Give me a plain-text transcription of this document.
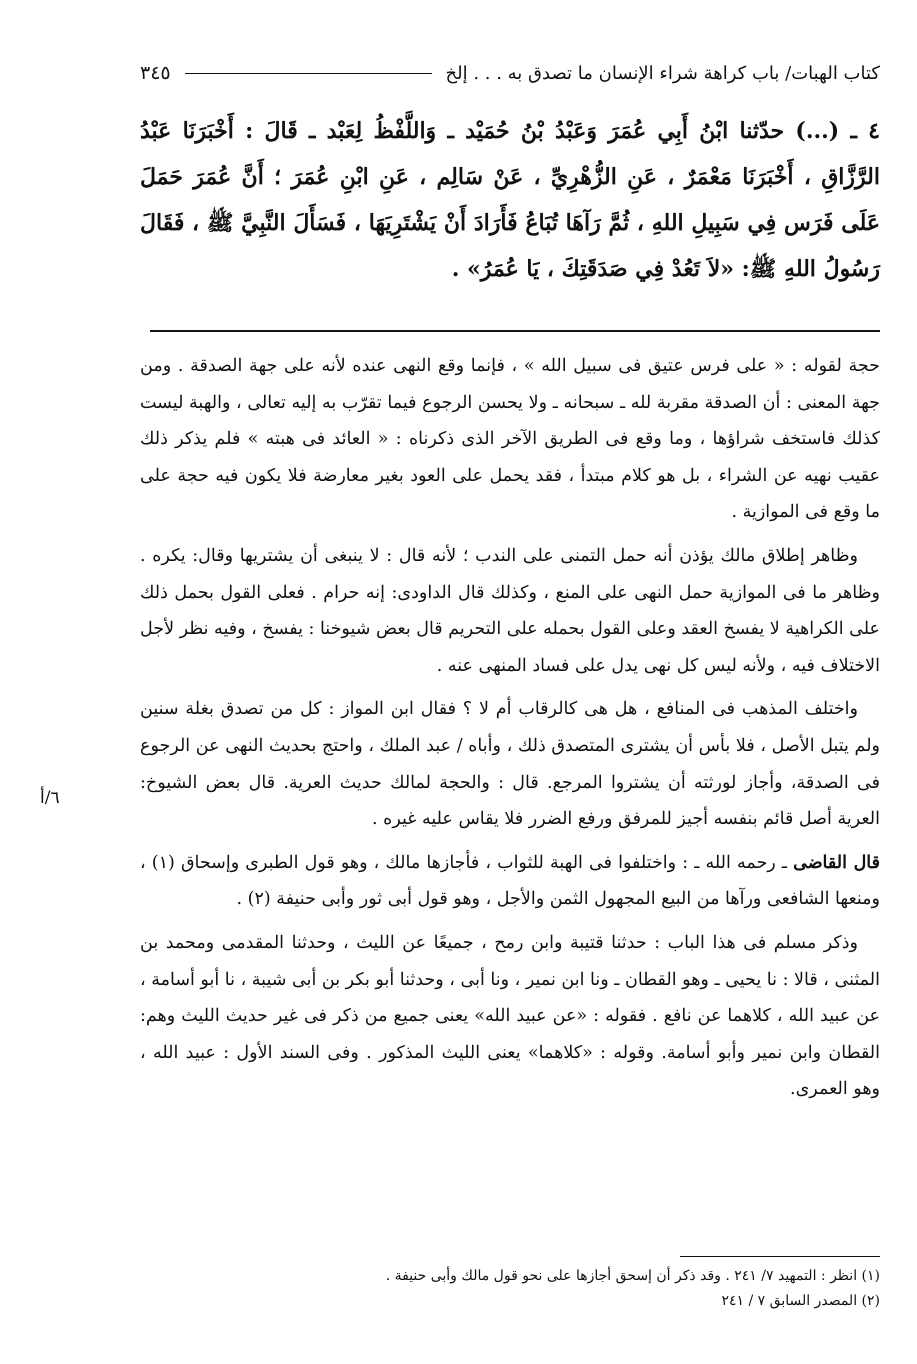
كتاب الهبات/ باب كراهة شراء الإنسان ما تصدق به . . . إلخ
٣٤٥
٤ ـ (...) حدّثنا ابْنُ أَبِي عُمَرَ وَعَبْدُ بْنُ حُمَيْد ـ وَاللَّفْظُ لِعَبْد ـ قَالَ : أَخْبَرَنَا عَبْدُ الرَّزَّاقِ ، أَخْبَرَنَا مَعْمَرٌ ، عَنِ الزُّهْرِيِّ ، عَنْ سَالِم ، عَنِ ابْنِ عُمَرَ ؛ أَنَّ عُمَرَ حَمَلَ عَلَى فَرَس فِي سَبِيلِ اللهِ ، ثُمَّ رَآهَا تُبَاعُ فَأَرَادَ أَنْ يَشْتَرِيَهَا ، فَسَأَلَ النَّبِيَّ ﷺ ، فَقَالَ رَسُولُ اللهِ ﷺ: «لاَ تَعُدْ فِي صَدَقَتِكَ ، يَا عُمَرُ» .

حجة لقوله : « على فرس عتيق فى سبيل الله » ، فإنما وقع النهى عنده لأنه على جهة الصدقة . ومن جهة المعنى : أن الصدقة مقربة لله ـ سبحانه ـ ولا يحسن الرجوع فيما تقرّب به إليه تعالى ، والهبة ليست كذلك فاستخف شراؤها ، وما وقع فى الطريق الآخر الذى ذكرناه : « العائد فى هبته » فلم يذكر ذلك عقيب نهيه عن الشراء ، بل هو كلام مبتدأ ، فقد يحمل على العود بغير معارضة فلا يكون فيه حجة على ما وقع فى الموازية .

وظاهر إطلاق مالك يؤذن أنه حمل التمنى على الندب ؛ لأنه قال : لا ينبغى أن يشتريها وقال: يكره . وظاهر ما فى الموازية حمل النهى على المنع ، وكذلك قال الداودى: إنه حرام . فعلى القول بحمل ذلك على الكراهية لا يفسخ العقد وعلى القول بحمله على التحريم قال بعض شيوخنا : يفسخ ، وفيه نظر لأجل الاختلاف فيه ، ولأنه ليس كل نهى يدل على فساد المنهى عنه .

واختلف المذهب فى المنافع ، هل هى كالرقاب أم لا ؟ فقال ابن المواز : كل من تصدق بغلة سنين ولم يتبل الأصل ، فلا بأس أن يشترى المتصدق ذلك ، وأباه / عبد الملك ، واحتج بحديث النهى عن الرجوع فى الصدقة، وأجاز لورثته أن يشتروا المرجع. قال : والحجة لمالك حديث العرية. قال بعض الشيوخ: العرية أصل قائم بنفسه أجيز للمرفق ورفع الضرر فلا يقاس عليه غيره .

قال القاضى ـ رحمه الله ـ : واختلفوا فى الهبة للثواب ، فأجازها مالك ، وهو قول الطبرى وإسحاق (١) ، ومنعها الشافعى ورآها من البيع المجهول الثمن والأجل ، وهو قول أبى ثور وأبى حنيفة (٢) .

وذكر مسلم فى هذا الباب : حدثنا قتيبة وابن رمح ، جميعًا عن الليث ، وحدثنا المقدمى ومحمد بن المثنى ، قالا : نا يحيى ـ وهو القطان ـ ونا ابن نمير ، ونا أبى ، وحدثنا أبو بكر بن أبى شيبة ، نا أبو أسامة ، عن عبيد الله ، كلاهما عن نافع . فقوله : «عن عبيد الله» يعنى جميع من ذكر فى غير حديث الليث وهم: القطان وابن نمير وأبو أسامة. وقوله : «كلاهما» يعنى الليث المذكور . وفى السند الأول : عبيد الله ، وهو العمرى.

٦/أ
(١) انظر : التمهيد ٧/ ٢٤١ . وقد ذكر أن إسحق أجازها على نحو قول مالك وأبى حنيفة .
(٢) المصدر السابق ٧ / ٢٤١
